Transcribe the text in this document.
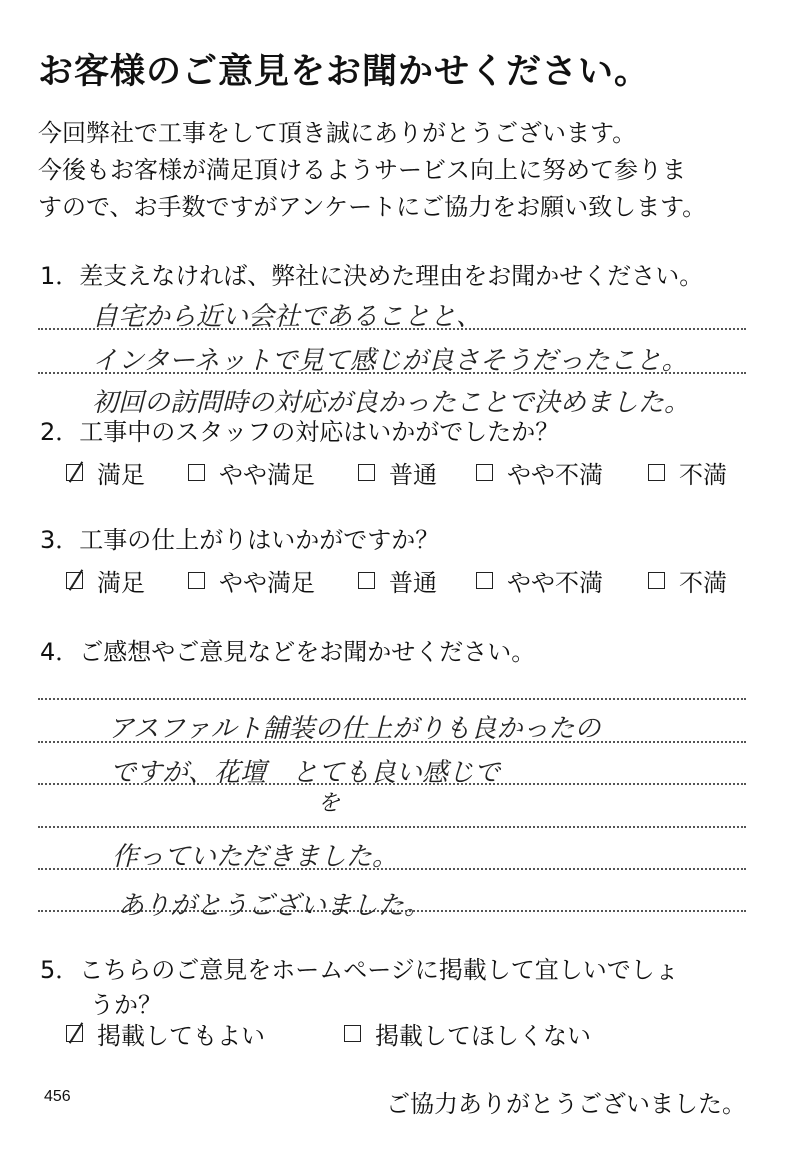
お客様のご意見をお聞かせください。
今回弊社で工事をして頂き誠にありがとうございます。
今後もお客様が満足頂けるようサービス向上に努めて参りま
すので、お手数ですがアンケートにご協力をお願い致します。
1．差支えなければ、弊社に決めた理由をお聞かせください。
自宅から近い会社であることと、
インターネットで見て感じが良さそうだったこと。
初回の訪問時の対応が良かったことで決めました。
2．工事中のスタッフの対応はいかがでしたか？
満足	やや満足	普通	やや不満	不満
3．工事の仕上がりはいかがですか？
満足	やや満足	普通	やや不満	不満
4．ご感想やご意見などをお聞かせください。
アスファルト舗装の仕上がりも良かったの
ですが、花壇　とても良い感じで
を
作っていただきました。
ありがとうございました。
5．こちらのご意見をホームページに掲載して宜しいでしょ
うか？
掲載してもよい	掲載してほしくない
456	ご協力ありがとうございました。
